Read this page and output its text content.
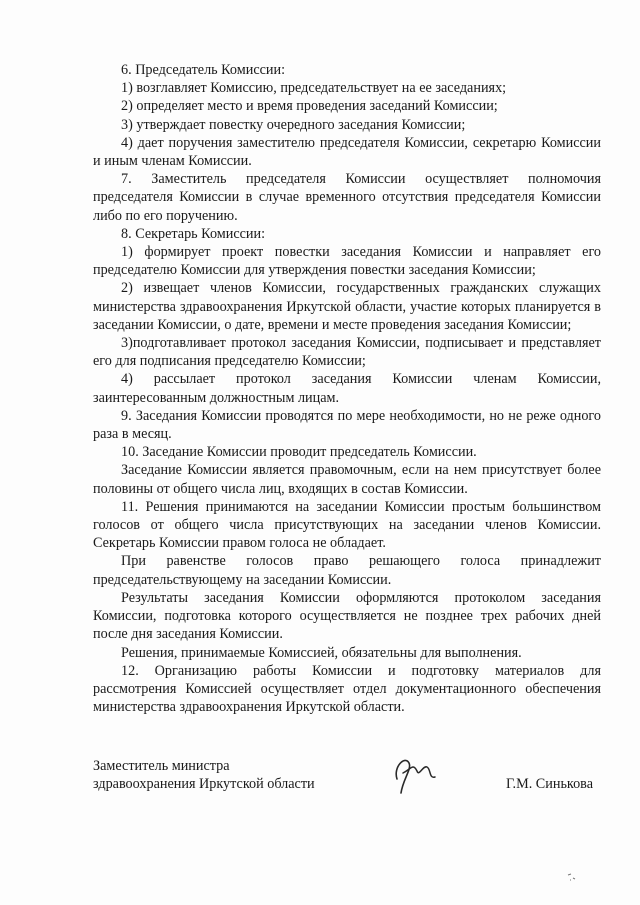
6. Председатель Комиссии:

1) возглавляет Комиссию, председательствует на ее заседаниях;

2) определяет место и время проведения заседаний Комиссии;

3) утверждает повестку очередного заседания Комиссии;

4) дает поручения заместителю председателя Комиссии, секретарю Комиссии и иным членам Комиссии.

7. Заместитель председателя Комиссии осуществляет полномочия председателя Комиссии в случае временного отсутствия председателя Комиссии либо по его поручению.

8. Секретарь Комиссии:

1) формирует проект повестки заседания Комиссии и направляет его председателю Комиссии для утверждения повестки заседания Комиссии;

2) извещает членов Комиссии, государственных гражданских служащих министерства здравоохранения Иркутской области, участие которых планируется в заседании Комиссии, о дате, времени и месте проведения заседания Комиссии;

3)подготавливает протокол заседания Комиссии, подписывает и представляет его для подписания председателю Комиссии;

4) рассылает протокол заседания Комиссии членам Комиссии, заинтересованным должностным лицам.

9. Заседания Комиссии проводятся по мере необходимости, но не реже одного раза в месяц.

10. Заседание Комиссии проводит председатель Комиссии.

Заседание Комиссии является правомочным, если на нем присутствует более половины от общего числа лиц, входящих в состав Комиссии.

11. Решения принимаются на заседании Комиссии простым большинством голосов от общего числа присутствующих на заседании членов Комиссии. Секретарь Комиссии правом голоса не обладает.

При равенстве голосов право решающего голоса принадлежит председательствующему на заседании Комиссии.

Результаты заседания Комиссии оформляются протоколом заседания Комиссии, подготовка которого осуществляется не позднее трех рабочих дней после дня заседания Комиссии.

Решения, принимаемые Комиссией, обязательны для выполнения.

12. Организацию работы Комиссии и подготовку материалов для рассмотрения Комиссией осуществляет отдел документационного обеспечения министерства здравоохранения Иркутской области.

Заместитель министра
здравоохранения Иркутской области	Г.М. Синькова
